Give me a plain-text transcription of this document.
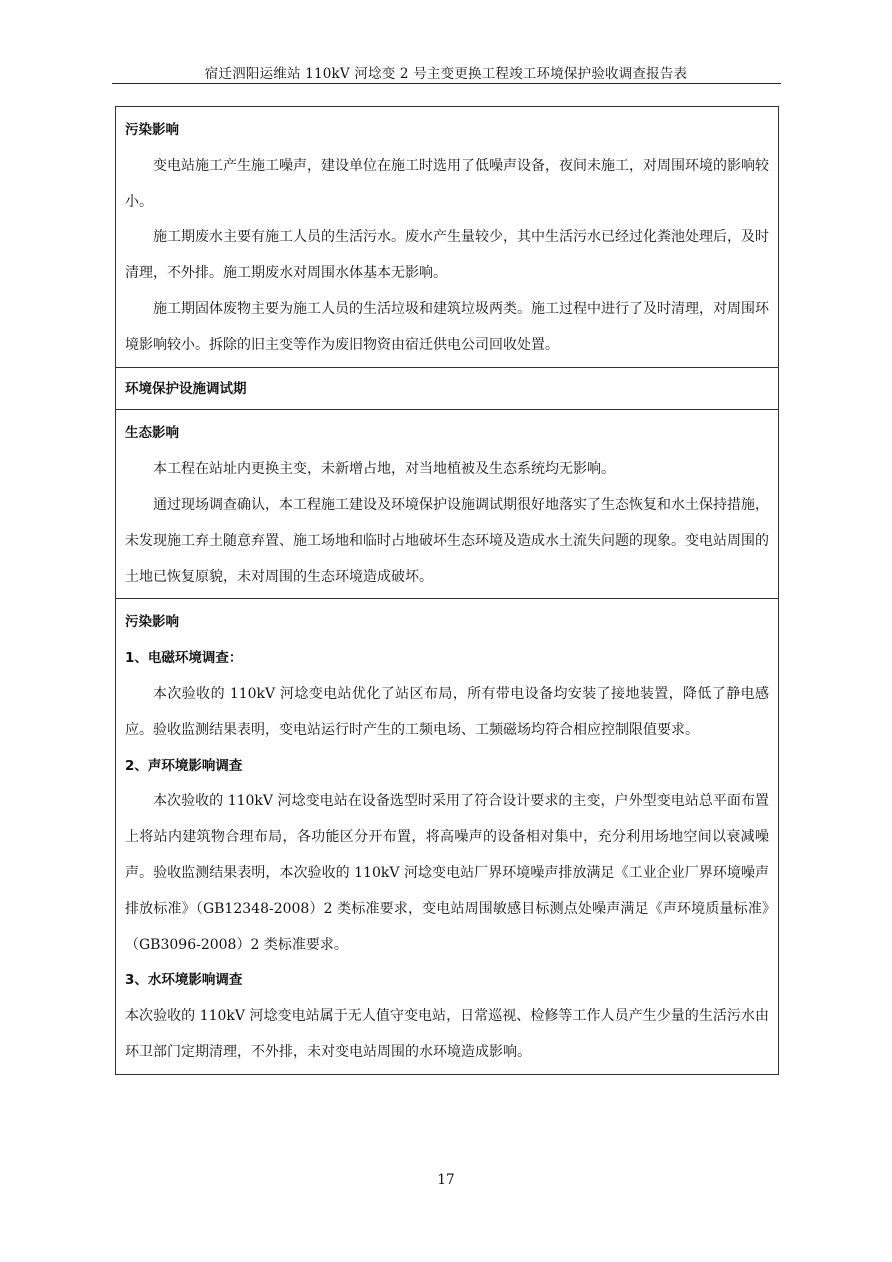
宿迁泗阳运维站 110kV 河埝变 2 号主变更换工程竣工环境保护验收调查报告表
污染影响

变电站施工产生施工噪声，建设单位在施工时选用了低噪声设备，夜间未施工，对周围环境的影响较小。

施工期废水主要有施工人员的生活污水。废水产生量较少，其中生活污水已经过化粪池处理后，及时清理，不外排。施工期废水对周围水体基本无影响。

施工期固体废物主要为施工人员的生活垃圾和建筑垃圾两类。施工过程中进行了及时清理，对周围环境影响较小。拆除的旧主变等作为废旧物资由宿迁供电公司回收处置。

环境保护设施调试期

生态影响

本工程在站址内更换主变，未新增占地，对当地植被及生态系统均无影响。

通过现场调查确认，本工程施工建设及环境保护设施调试期很好地落实了生态恢复和水土保持措施，未发现施工弃土随意弃置、施工场地和临时占地破坏生态环境及造成水土流失问题的现象。变电站周围的土地已恢复原貌，未对周围的生态环境造成破坏。

污染影响
1、电磁环境调查：

本次验收的 110kV 河埝变电站优化了站区布局，所有带电设备均安装了接地装置，降低了静电感应。验收监测结果表明，变电站运行时产生的工频电场、工频磁场均符合相应控制限值要求。

2、声环境影响调查

本次验收的 110kV 河埝变电站在设备选型时采用了符合设计要求的主变，户外型变电站总平面布置上将站内建筑物合理布局，各功能区分开布置，将高噪声的设备相对集中，充分利用场地空间以衰减噪声。验收监测结果表明，本次验收的 110kV 河埝变电站厂界环境噪声排放满足《工业企业厂界环境噪声排放标准》（GB12348-2008）2 类标准要求，变电站周围敏感目标测点处噪声满足《声环境质量标准》（GB3096-2008）2 类标准要求。

3、水环境影响调查

本次验收的 110kV 河埝变电站属于无人值守变电站，日常巡视、检修等工作人员产生少量的生活污水由环卫部门定期清理，不外排，未对变电站周围的水环境造成影响。

17
